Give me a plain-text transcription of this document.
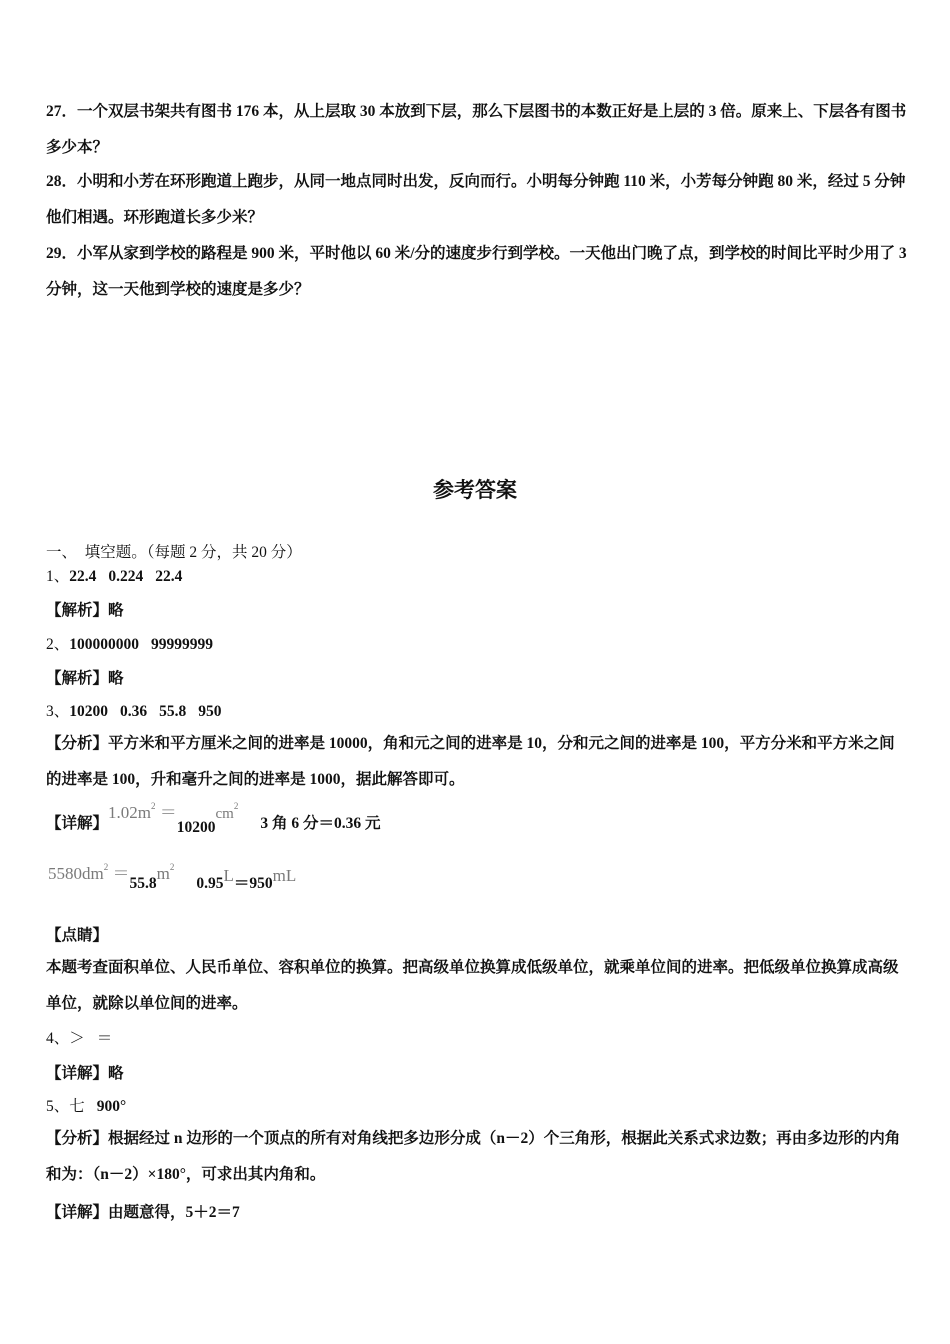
27．一个双层书架共有图书 176 本，从上层取 30 本放到下层，那么下层图书的本数正好是上层的 3 倍。原来上、下层各有图书多少本？

28．小明和小芳在环形跑道上跑步，从同一地点同时出发，反向而行。小明每分钟跑 110 米，小芳每分钟跑 80 米，经过 5 分钟他们相遇。环形跑道长多少米？

29．小军从家到学校的路程是 900 米，平时他以 60 米/分的速度步行到学校。一天他出门晚了点，到学校的时间比平时少用了 3 分钟，这一天他到学校的速度是多少？

参考答案

一、　填空题。（每题 2 分，共 20 分）

1、22.4 0.224 22.4

【解析】略

2、100000000 99999999

【解析】略

3、10200 0.36 55.8 950

【分析】平方米和平方厘米之间的进率是 10000，角和元之间的进率是 10，分和元之间的进率是 100，平方分米和平方米之间的进率是 100，升和毫升之间的进率是 1000，据此解答即可。

【详解】$1.02m^2 =10200cm^23$ 角 6 分＝0.36 元

$5580dm^2 =55.8m^20.95L=950mL$

【点睛】

本题考查面积单位、人民币单位、容积单位的换算。把高级单位换算成低级单位，就乘单位间的进率。把低级单位换算成高级单位，就除以单位间的进率。

4、＞ ＝

【详解】略

5、七 900°

【分析】根据经过 n 边形的一个顶点的所有对角线把多边形分成（n－2）个三角形，根据此关系式求边数；再由多边形的内角和为：（n－2）×180°，可求出其内角和。

【详解】由题意得，5＋2＝7
